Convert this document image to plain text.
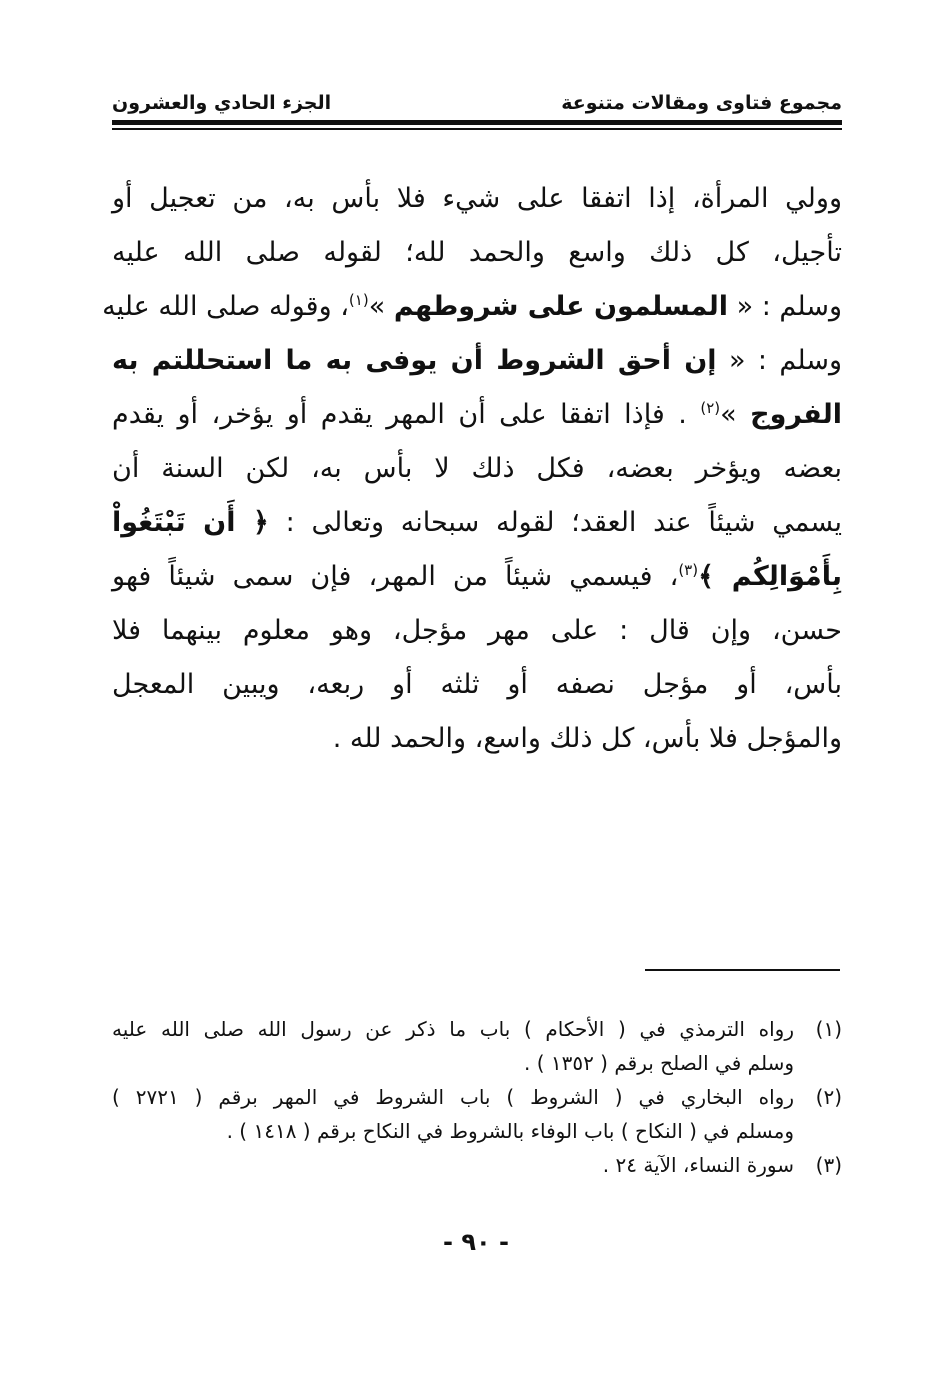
مجموع فتاوى ومقالات متنوعة
الجزء الحادي والعشرون
وولي المرأة، إذا اتفقا على شيء فلا بأس به، من تعجيل أو
تأجيل، كل ذلك واسع والحمد لله؛ لقوله صلى الله عليه
وسلم : « المسلمون على شروطهم »$^{(١)}$، وقوله صلى الله عليه
وسلم : « إن أحق الشروط أن يوفى به ما استحللتم به
الفروج »$^{(٢)}$ . فإذا اتفقا على أن المهر يقدم أو يؤخر، أو يقدم
بعضه ويؤخر بعضه، فكل ذلك لا بأس به، لكن السنة أن
يسمي شيئاً عند العقد؛ لقوله سبحانه وتعالى : ﴿ أَن تَبْتَغُواْ
بِأَمْوَالِكُم ﴾$^{(٣)}$، فيسمي شيئاً من المهر، فإن سمى شيئاً فهو
حسن، وإن قال : على مهر مؤجل، وهو معلوم بينهما فلا
بأس، أو مؤجل نصفه أو ثلثه أو ربعه، ويبين المعجل
والمؤجل فلا بأس، كل ذلك واسع، والحمد لله .
(١)
رواه الترمذي في ( الأحكام ) باب ما ذكر عن رسول الله صلى الله عليه
وسلم في الصلح برقم ( ١٣٥٢ ) .
(٢)
رواه البخاري في ( الشروط ) باب الشروط في المهر برقم ( ٢٧٢١ )
ومسلم في ( النكاح ) باب الوفاء بالشروط في النكاح برقم ( ١٤١٨ ) .
(٣)
سورة النساء، الآية ٢٤ .
- ٩٠ -
